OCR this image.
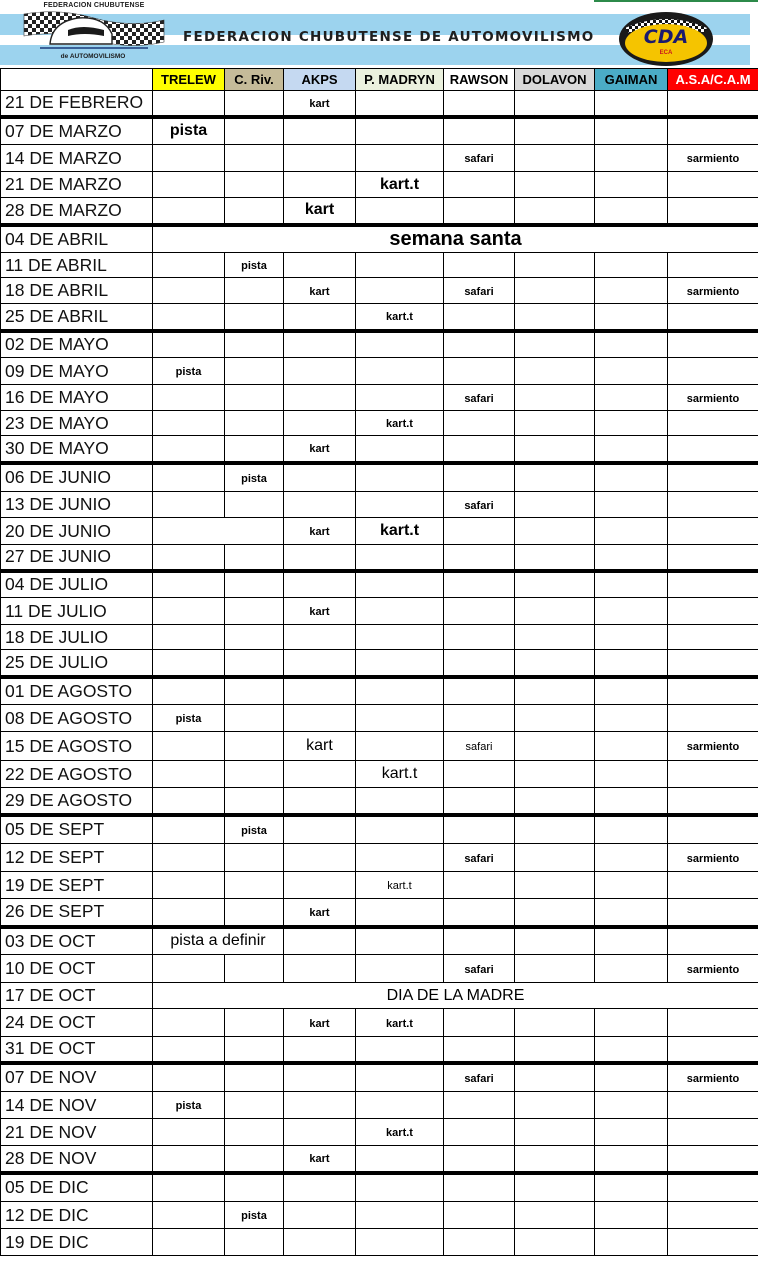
FEDERACION CHUBUTENSE
de AUTOMOVILISMO
FEDERACION CHUBUTENSE DE AUTOMOVILISMO	CDA
ECA
	TRELEW	C. Riv.	AKPS	P. MADRYN	RAWSON	DOLAVON	GAIMAN	A.S.A/C.A.M
21 DE FEBRERO			kart					
07 DE MARZO	pista							
14 DE MARZO					safari			sarmiento
21 DE MARZO				kart.t				
28 DE MARZO			kart					
04 DE ABRIL	semana santa							
11 DE ABRIL		pista						
18 DE ABRIL			kart		safari			sarmiento
25 DE ABRIL				kart.t				
02 DE MAYO								
09 DE MAYO	pista							
16 DE MAYO					safari			sarmiento
23 DE MAYO				kart.t				
30 DE MAYO			kart					
06 DE JUNIO		pista						
13 DE JUNIO					safari			
20 DE JUNIO			kart	kart.t				
27 DE JUNIO								
04 DE JULIO								
11 DE JULIO			kart					
18 DE JULIO								
25 DE JULIO								
01 DE AGOSTO								
08 DE AGOSTO	pista							
15 DE AGOSTO			kart		safari			sarmiento
22 DE AGOSTO				kart.t				
29 DE AGOSTO								
05 DE SEPT		pista						
12 DE SEPT					safari			sarmiento
19 DE SEPT				kart.t				
26 DE SEPT			kart					
03 DE OCT	pista a definir							
10 DE OCT					safari			sarmiento
17 DE OCT	DIA DE LA MADRE							
24 DE OCT			kart	kart.t				
31 DE OCT								
07 DE NOV					safari			sarmiento
14 DE NOV	pista							
21 DE NOV				kart.t				
28 DE NOV			kart					
05 DE DIC								
12 DE DIC		pista						
19 DE DIC								
